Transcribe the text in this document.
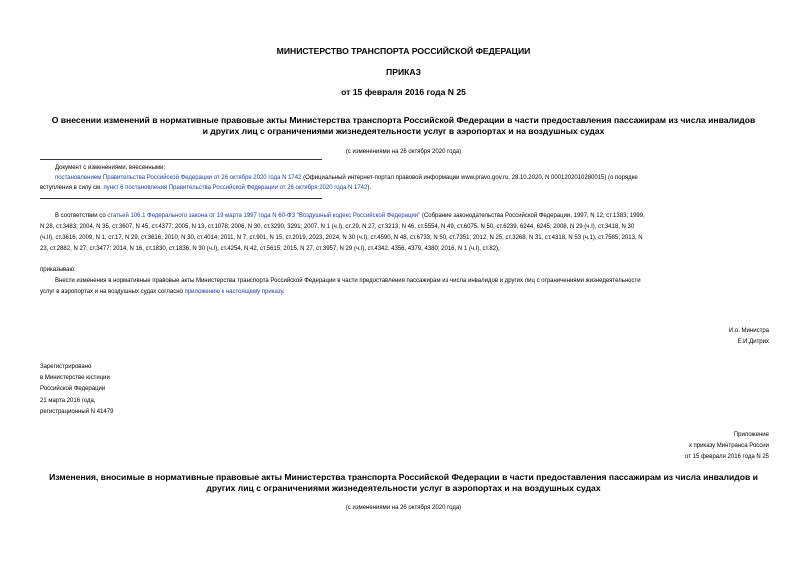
МИНИСТЕРСТВО ТРАНСПОРТА РОССИЙСКОЙ ФЕДЕРАЦИИ
ПРИКАЗ
от 15 февраля 2016 года N 25
О внесении изменений в нормативные правовые акты Министерства транспорта Российской Федерации в части предоставления пассажирам из числа инвалидов
и других лиц с ограничениями жизнедеятельности услуг в аэропортах и на воздушных судах
(с изменениями на 26 октября 2020 года)
Документ с изменениями, внесенными:
постановлением Правительства Российской Федерации от 26 октября 2020 года N 1742 (Официальный интернет-портал правовой информации www.pravo.gov.ru, 28.10.2020, N 0001202010280015) (о порядке
вступления в силу см. пункт 6 постановления Правительства Российской Федерации от 26 октября 2020 года N 1742).
В соответствии со статьей 106.1 Федерального закона от 19 марта 1997 года N 60-ФЗ "Воздушный кодекс Российской Федерации" (Собрание законодательства Российской Федерации, 1997, N 12, ст.1383; 1999,
N 28, ст.3483; 2004, N 35, ст.3607, N 45, ст.4377; 2005, N 13, ст.1078; 2006, N 30, ст.3290, 3291; 2007, N 1 (ч.I), ст.29, N 27, ст.3213, N 46, ст.5554, N 49, ст.6075, N 50, ст.6239, 6244, 6245; 2008, N 29 (ч.I), ст.3418, N 30
(ч.II), ст.3616; 2009, N 1, ст.17, N 29, ст.3616; 2010, N 30, ст.4014; 2011, N 7, ст.901, N 15, ст.2019, 2023, 2024, N 30 (ч.I), ст.4590, N 48, ст.6733, N 50, ст.7351; 2012, N 25, ст.3268, N 31, ст.4318, N 53 (ч.1), ст.7585; 2013, N
23, ст.2882, N 27, ст.3477; 2014, N 16, ст.1830, ст.1836, N 30 (ч.I), ст.4254, N 42, ст.5615; 2015, N 27, ст.3957, N 29 (ч.I), ст.4342, 4356, 4379, 4380; 2016, N 1 (ч.I), ст.82),
приказываю:
Внести изменения в нормативные правовые акты Министерства транспорта Российской Федерации в части предоставления пассажирам из числа инвалидов и других лиц с ограничениями жизнедеятельности
услуг в аэропортах и на воздушных судах согласно приложению к настоящему приказу.
И.о. Министра
Е.И.Дитрих
Зарегистрировано
в Министерстве юстиции
Российской Федерации
21 марта 2016 года,
регистрационный N 41479
Приложение
к приказу Минтранса России
от 15 февраля 2016 года N 25
Изменения, вносимые в нормативные правовые акты Министерства транспорта Российской Федерации в части предоставления пассажирам из числа инвалидов и
других лиц с ограничениями жизнедеятельности услуг в аэропортах и на воздушных судах
(с изменениями на 26 октября 2020 года)
